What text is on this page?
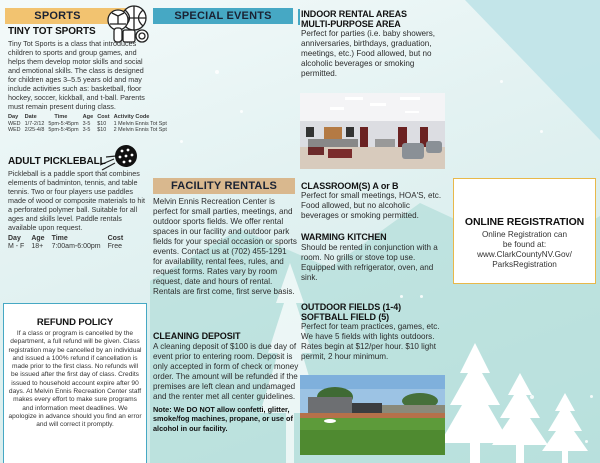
SPORTS
TINY TOT SPORTS

Tiny Tot Sports is a class that introduces children to sports and group games, and helps them develop motor skills and social and emotional skills. The class is designed for children ages 3–5.5 years old and may include activities such as: basketball, floor hockey, soccer, kickball, and t-ball. Parents must remain present during class.

Day	Date	Time	Age	Cost	Activity Code
WED	1/7-2/12	5pm-5:45pm	3-5	$10	1 Melvin Ennis Tot Spt
WED	2/25-4/8	5pm-5:45pm	3-5	$10	2 Melvin Ennis Tot Spt
ADULT PICKLEBALL

Pickleball is a paddle sport that combines elements of badminton, tennis, and table tennis. Two or four players use paddles made of wood or composite materials to hit a perforated polymer ball. Suitable for all ages and skills level. Paddle rentals available upon request.

Day	Age	Time	Cost
M - F	18+	7:00am-6:00pm	Free
REFUND POLICY

If a class or program is cancelled by the department, a full refund will be given. Class registration may be cancelled by an individual and issued a 100% refund if cancellation is made prior to the first class. No refunds will be issued after the first day of class. Credits issued to household account expire after 90 days. At Melvin Ennis Recreation Center staff makes every effort to make sure programs and information meet deadlines. We apologize in advance should you find an error and will correct it promptly.

SPECIAL EVENTS
FACILITY RENTALS

Melvin Ennis Recreation Center is perfect for small parties, meetings, and outdoor sports fields. We offer rental spaces in our facility and outdoor park fields for your special occasion or sports events. Contact us at (702) 455-1291 for availability, rental fees, rules, and request forms. Rates vary by room request, date and hours of rental. Rentals are first come, first serve basis.

CLEANING DEPOSIT

A cleaning deposit of $100 is due day of event prior to entering room. Deposit is only accepted in form of check or money order. The amount will be refunded if the premises are left clean and undamaged and the renter met all center guidelines.

Note: We DO NOT allow confetti, glitter, smoke/fog machines, propane, or use of alcohol in our facility.

INDOOR RENTAL AREAS
MULTI-PURPOSE AREA

Perfect for parties (i.e. baby showers, anniversaries, birthdays, graduation, meetings, etc.) Food allowed, but no alcoholic beverages or smoking permitted.

CLASSROOM(S) A or B

Perfect for small meetings, HOA'S, etc. Food allowed, but no alcoholic beverages or smoking permitted.

WARMING KITCHEN

Should be rented in conjunction with a room. No grills or stove top use. Equipped with refrigerator, oven, and sink.

OUTDOOR FIELDS (1-4)
SOFTBALL FIELD (5)

Perfect for team practices, games, etc. We have 5 fields with lights outdoors. Rates begin at $12/per hour. $10 light permit, 2 hour minimum.

ONLINE REGISTRATION

Online Registration can

be found at:

www.ClarkCountyNV.Gov/

ParksRegistration
